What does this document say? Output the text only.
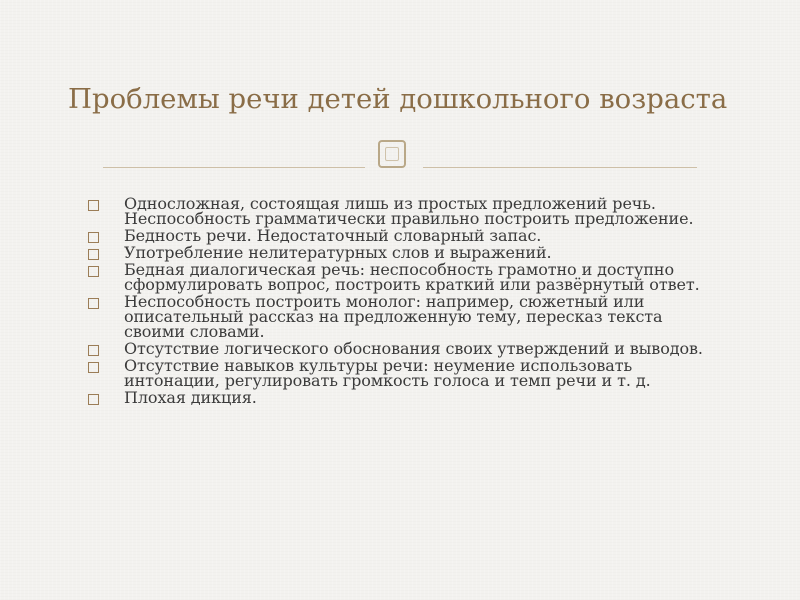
Проблемы речи детей дошкольного возраста
Односложная, состоящая лишь из простых предложений речь. Неспособность грамматически правильно построить предложение.
Бедность речи. Недостаточный словарный запас.
Употребление нелитературных слов и выражений.
Бедная диалогическая речь: неспособность грамотно и доступно сформулировать вопрос, построить краткий или развёрнутый ответ.
Неспособность построить монолог: например, сюжетный или описательный рассказ на предложенную тему, пересказ текста своими словами.
Отсутствие логического обоснования своих утверждений и выводов.
Отсутствие навыков культуры речи: неумение использовать интонации, регулировать громкость голоса и темп речи и т. д.
Плохая дикция.
